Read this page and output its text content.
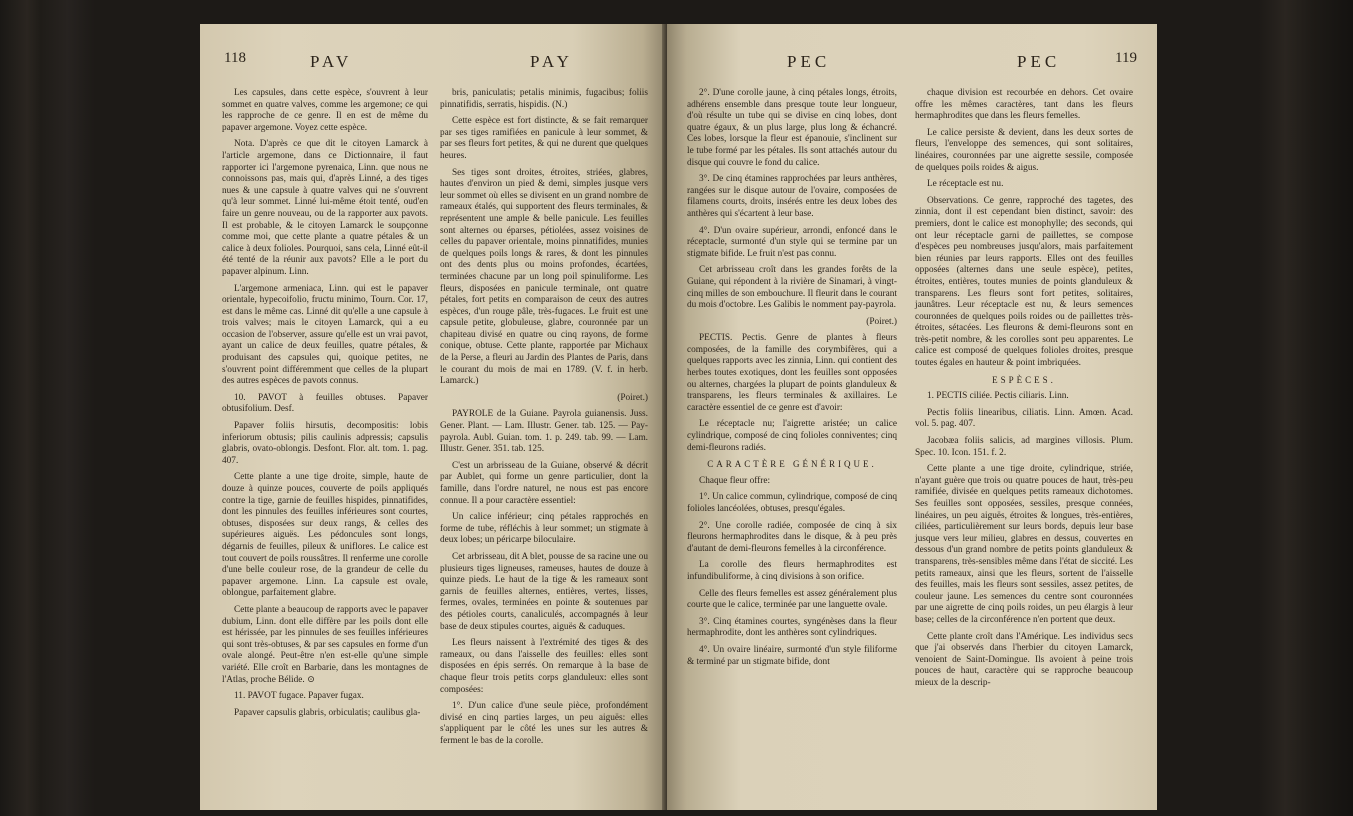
118	PAV	PAY

Les capsules, dans cette espèce, s'ouvrent à leur sommet en quatre valves, comme les argemone; ce qui les rapproche de ce genre. Il en est de même du papaver argemone. Voyez cette espèce.

Nota. D'après ce que dit le citoyen Lamarck à l'article argemone, dans ce Dictionnaire, il faut rapporter ici l'argemone pyrenaica, Linn. que nous ne connoissons pas, mais qui, d'après Linné, a des tiges nues & une capsule à quatre valves qui ne s'ouvrent qu'à leur sommet. Linné lui-même étoit tenté, oud'en faire un genre nouveau, ou de la rapporter aux pavots. Il est probable, & le citoyen Lamarck le soupçonne comme moi, que cette plante a quatre pétales & un calice à deux folioles. Pourquoi, sans cela, Linné eût-il été tenté de la réunir aux pavots? Elle a le port du papaver alpinum. Linn.

L'argemone armeniaca, Linn. qui est le papaver orientale, hypecoifolio, fructu minimo, Tourn. Cor. 17, est dans le même cas. Linné dit qu'elle a une capsule à trois valves; mais le citoyen Lamarck, qui a eu occasion de l'observer, assure qu'elle est un vrai pavot, ayant un calice de deux feuilles, quatre pétales, & produisant des capsules qui, quoique petites, ne s'ouvrent point différemment que celles de la plupart des autres espèces de pavots connus.

10. PAVOT à feuilles obtuses. Papaver obtusifolium. Desf.

Papaver foliis hirsutis, decompositis: lobis inferiorum obtusis; pilis caulinis adpressis; capsulis glabris, ovato-oblongis. Desfont. Flor. alt. tom. 1. pag. 407.

Cette plante a une tige droite, simple, haute de douze à quinze pouces, couverte de poils appliqués contre la tige, garnie de feuilles hispides, pinnatifides, dont les pinnules des feuilles inférieures sont courtes, obtuses, disposées sur deux rangs, & celles des supérieures aiguës. Les pédoncules sont longs, dégarnis de feuilles, pileux & uniflores. Le calice est tout couvert de poils roussâtres. Il renferme une corolle d'une belle couleur rose, de la grandeur de celle du papaver argemone. Linn. La capsule est ovale, oblongue, parfaitement glabre.

Cette plante a beaucoup de rapports avec le papaver dubium, Linn. dont elle diffère par les poils dont elle est hérissée, par les pinnules de ses feuilles inférieures qui sont très-obtuses, & par ses capsules en forme d'un ovale alongé. Peut-être n'en est-elle qu'une simple variété. Elle croît en Barbarie, dans les montagnes de l'Atlas, proche Bélide. ⊙

11. PAVOT fugace. Papaver fugax.

Papaver capsulis glabris, orbiculatis; caulibus gla-

bris, paniculatis; petalis minimis, fugacibus; foliis pinnatifidis, serratis, hispidis. (N.)

Cette espèce est fort distincte, & se fait remarquer par ses tiges ramifiées en panicule à leur sommet, & par ses fleurs fort petites, & qui ne durent que quelques heures.

Ses tiges sont droites, étroites, striées, glabres, hautes d'environ un pied & demi, simples jusque vers leur sommet où elles se divisent en un grand nombre de rameaux étalés, qui supportent des fleurs terminales, & représentent une ample & belle panicule. Les feuilles sont alternes ou éparses, pétiolées, assez voisines de celles du papaver orientale, moins pinnatifides, munies de quelques poils longs & rares, & dont les pinnules ont des dents plus ou moins profondes, écartées, terminées chacune par un long poil spinuliforme. Les fleurs, disposées en panicule terminale, ont quatre pétales, fort petits en comparaison de ceux des autres espèces, d'un rouge pâle, très-fugaces. Le fruit est une capsule petite, globuleuse, glabre, couronnée par un chapiteau divisé en quatre ou cinq rayons, de forme conique, obtuse. Cette plante, rapportée par Michaux de la Perse, a fleuri au Jardin des Plantes de Paris, dans le courant du mois de mai en 1789. (V. f. in herb. Lamarck.)

(Poiret.)

PAYROLE de la Guiane. Payrola guianensis. Juss. Gener. Plant. — Lam. Illustr. Gener. tab. 125. — Pay-payrola. Aubl. Guian. tom. 1. p. 249. tab. 99. — Lam. Illustr. Gener. 351. tab. 125.

C'est un arbrisseau de la Guiane, observé & décrit par Aublet, qui forme un genre particulier, dont la famille, dans l'ordre naturel, ne nous est pas encore connue. Il a pour caractère essentiel:

Un calice inférieur; cinq pétales rapprochés en forme de tube, réfléchis à leur sommet; un stigmate à deux lobes; un péricarpe biloculaire.

Cet arbrisseau, dit A blet, pousse de sa racine une ou plusieurs tiges ligneuses, rameuses, hautes de douze à quinze pieds. Le haut de la tige & les rameaux sont garnis de feuilles alternes, entières, vertes, lisses, fermes, ovales, terminées en pointe & soutenues par des pétioles courts, canaliculés, accompagnés à leur base de deux stipules courtes, aiguës & caduques.

Les fleurs naissent à l'extrémité des tiges & des rameaux, ou dans l'aisselle des feuilles: elles sont disposées en épis serrés. On remarque à la base de chaque fleur trois petits corps glanduleux: elles sont composées:

1°. D'un calice d'une seule pièce, profondément divisé en cinq parties larges, un peu aiguës: elles s'appliquent par le côté les unes sur les autres & ferment le bas de la corolle.

PEC	PEC	119

2°. D'une corolle jaune, à cinq pétales longs, étroits, adhérens ensemble dans presque toute leur longueur, d'où résulte un tube qui se divise en cinq lobes, dont quatre égaux, & un plus large, plus long & échancré. Ces lobes, lorsque la fleur est épanouie, s'inclinent sur le tube formé par les pétales. Ils sont attachés autour du disque qui couvre le fond du calice.

3°. De cinq étamines rapprochées par leurs anthères, rangées sur le disque autour de l'ovaire, composées de filamens courts, droits, insérés entre les deux lobes des anthères qui s'écartent à leur base.

4°. D'un ovaire supérieur, arrondi, enfoncé dans le réceptacle, surmonté d'un style qui se termine par un stigmate bifide. Le fruit n'est pas connu.

Cet arbrisseau croît dans les grandes forêts de la Guiane, qui répondent à la rivière de Sinamari, à vingt-cinq milles de son embouchure. Il fleurit dans le courant du mois d'octobre. Les Galibis le nomment pay-payrola.

(Poiret.)

PECTIS. Pectis. Genre de plantes à fleurs composées, de la famille des corymbifères, qui a quelques rapports avec les zinnia, Linn. qui contient des herbes toutes exotiques, dont les feuilles sont opposées ou alternes, chargées la plupart de points glanduleux & transparens, les fleurs terminales & axillaires. Le caractère essentiel de ce genre est d'avoir:

Le réceptacle nu; l'aigrette aristée; un calice cylindrique, composé de cinq folioles conniventes; cinq demi-fleurons radiés.

CARACTÈRE GÉNÉRIQUE.

Chaque fleur offre:

1°. Un calice commun, cylindrique, composé de cinq folioles lancéolées, obtuses, presqu'égales.

2°. Une corolle radiée, composée de cinq à six fleurons hermaphrodites dans le disque, & à peu près d'autant de demi-fleurons femelles à la circonférence.

La corolle des fleurs hermaphrodites est infundibuliforme, à cinq divisions à son orifice.

Celle des fleurs femelles est assez généralement plus courte que le calice, terminée par une languette ovale.

3°. Cinq étamines courtes, syngénèses dans la fleur hermaphrodite, dont les anthères sont cylindriques.

4°. Un ovaire linéaire, surmonté d'un style filiforme & terminé par un stigmate bifide, dont

chaque division est recourbée en dehors. Cet ovaire offre les mêmes caractères, tant dans les fleurs hermaphrodites que dans les fleurs femelles.

Le calice persiste & devient, dans les deux sortes de fleurs, l'enveloppe des semences, qui sont solitaires, linéaires, couronnées par une aigrette sessile, composée de quelques poils roides & aigus.

Le réceptacle est nu.

Observations. Ce genre, rapproché des tagetes, des zinnia, dont il est cependant bien distinct, savoir: des premiers, dont le calice est monophylle; des seconds, qui ont leur réceptacle garni de paillettes, se compose d'espèces peu nombreuses jusqu'alors, mais parfaitement bien réunies par leurs rapports. Elles ont des feuilles opposées (alternes dans une seule espèce), petites, étroites, entières, toutes munies de points glanduleux & transparens. Les fleurs sont fort petites, solitaires, jaunâtres. Leur réceptacle est nu, & leurs semences couronnées de quelques poils roides ou de paillettes très-étroites, sétacées. Les fleurons & demi-fleurons sont en très-petit nombre, & les corolles sont peu apparentes. Le calice est composé de quelques folioles droites, presque toutes égales en hauteur & point imbriquées.

ESPÈCES.

1. PECTIS ciliée. Pectis ciliaris. Linn.

Pectis foliis linearibus, ciliatis. Linn. Amœn. Acad. vol. 5. pag. 407.

Jacobæa foliis salicis, ad margines villosis. Plum. Spec. 10. Icon. 151. f. 2.

Cette plante a une tige droite, cylindrique, striée, n'ayant guère que trois ou quatre pouces de haut, très-peu ramifiée, divisée en quelques petits rameaux dichotomes. Ses feuilles sont opposées, sessiles, presque connées, linéaires, un peu aiguës, étroites & longues, très-entières, ciliées, particulièrement sur leurs bords, depuis leur base jusque vers leur milieu, glabres en dessus, couvertes en dessous d'un grand nombre de petits points glanduleux & transparens, très-sensibles même dans l'état de siccité. Les petits rameaux, ainsi que les fleurs, sortent de l'aisselle des feuilles, mais les fleurs sont sessiles, assez petites, de couleur jaune. Les semences du centre sont couronnées par une aigrette de cinq poils roides, un peu élargis à leur base; celles de la circonférence n'en portent que deux.

Cette plante croît dans l'Amérique. Les individus secs que j'ai observés dans l'herbier du citoyen Lamarck, venoient de Saint-Domingue. Ils avoient à peine trois pouces de haut, caractère qui se rapproche beaucoup mieux de la descrip-
